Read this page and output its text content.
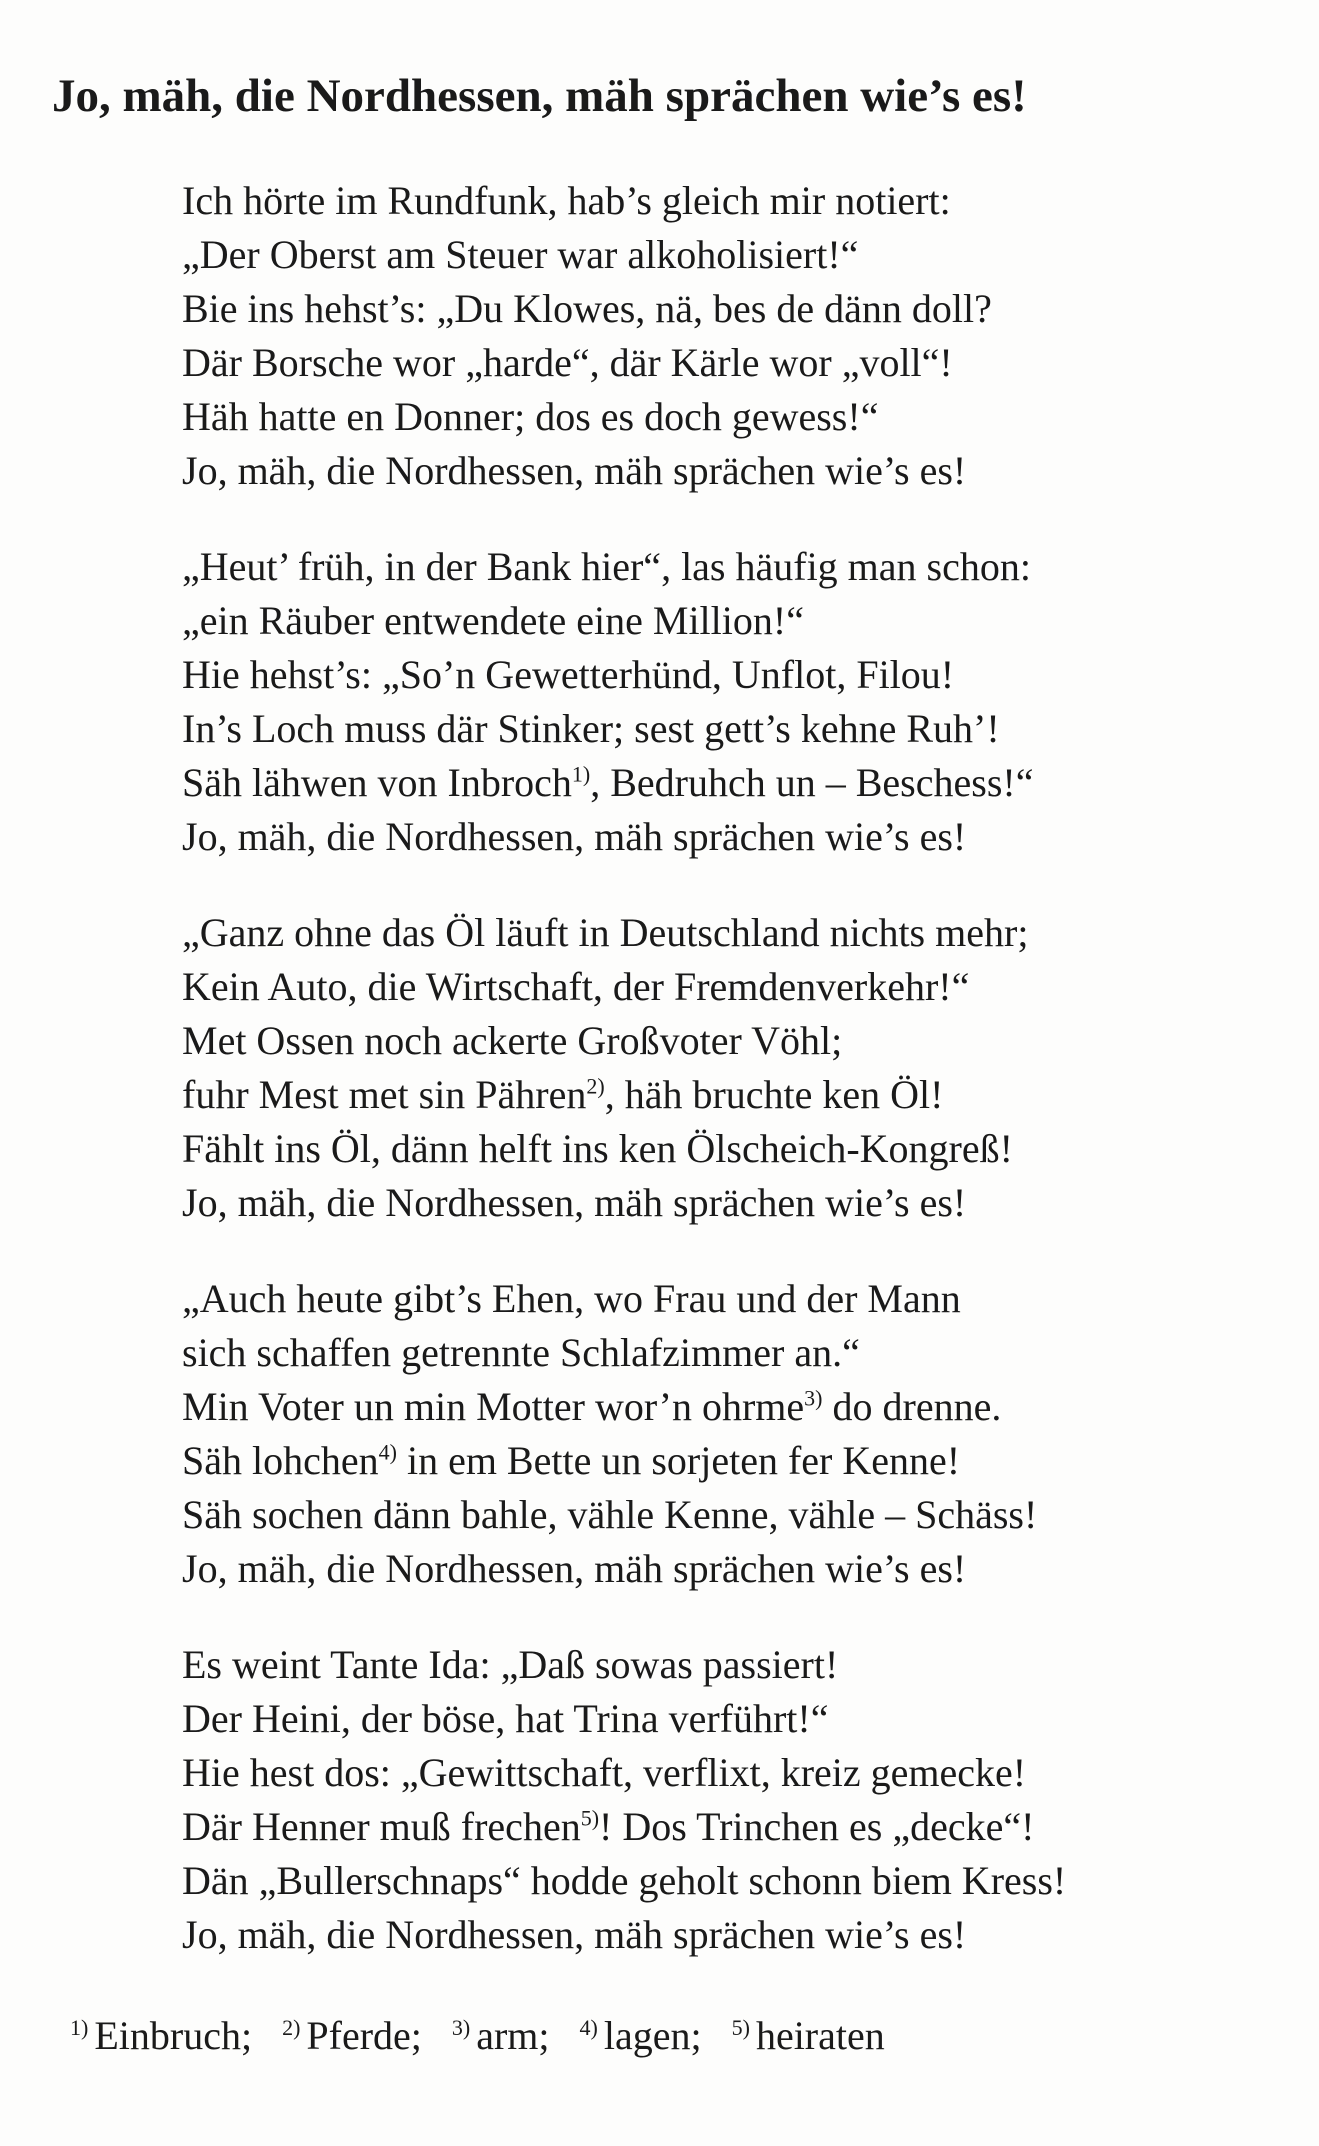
Jo, mäh, die Nordhessen, mäh sprächen wie’s es!
Ich hörte im Rundfunk, hab’s gleich mir notiert:
„Der Oberst am Steuer war alkoholisiert!“
Bie ins hehst’s: „Du Klowes, nä, bes de dänn doll?
Där Borsche wor „harde“, där Kärle wor „voll“!
Häh hatte en Donner; dos es doch gewess!“
Jo, mäh, die Nordhessen, mäh sprächen wie’s es!
„Heut’ früh, in der Bank hier“, las häufig man schon:
„ein Räuber entwendete eine Million!“
Hie hehst’s: „So’n Gewetterhünd, Unflot, Filou!
In’s Loch muss där Stinker; sest gett’s kehne Ruh’!
Säh lähwen von Inbroch$^{1)}$, Bedruhch un – Beschess!“
Jo, mäh, die Nordhessen, mäh sprächen wie’s es!
„Ganz ohne das Öl läuft in Deutschland nichts mehr;
Kein Auto, die Wirtschaft, der Fremdenverkehr!“
Met Ossen noch ackerte Großvoter Vöhl;
fuhr Mest met sin Pähren$^{2)}$, häh bruchte ken Öl!
Fählt ins Öl, dänn helft ins ken Ölscheich-Kongreß!
Jo, mäh, die Nordhessen, mäh sprächen wie’s es!
„Auch heute gibt’s Ehen, wo Frau und der Mann
sich schaffen getrennte Schlafzimmer an.“
Min Voter un min Motter wor’n ohrme$^{3)}$ do drenne.
Säh lohchen$^{4)}$ in em Bette un sorjeten fer Kenne!
Säh sochen dänn bahle, vähle Kenne, vähle – Schäss!
Jo, mäh, die Nordhessen, mäh sprächen wie’s es!
Es weint Tante Ida: „Daß sowas passiert!
Der Heini, der böse, hat Trina verführt!“
Hie hest dos: „Gewittschaft, verflixt, kreiz gemecke!
Där Henner muß frechen$^{5)}$! Dos Trinchen es „decke“!
Dän „Bullerschnaps“ hodde geholt schonn biem Kress!
Jo, mäh, die Nordhessen, mäh sprächen wie’s es!
$^{1)}$ Einbruch; $^{2)}$ Pferde; $^{3)}$ arm; $^{4)}$ lagen; $^{5)}$ heiraten
